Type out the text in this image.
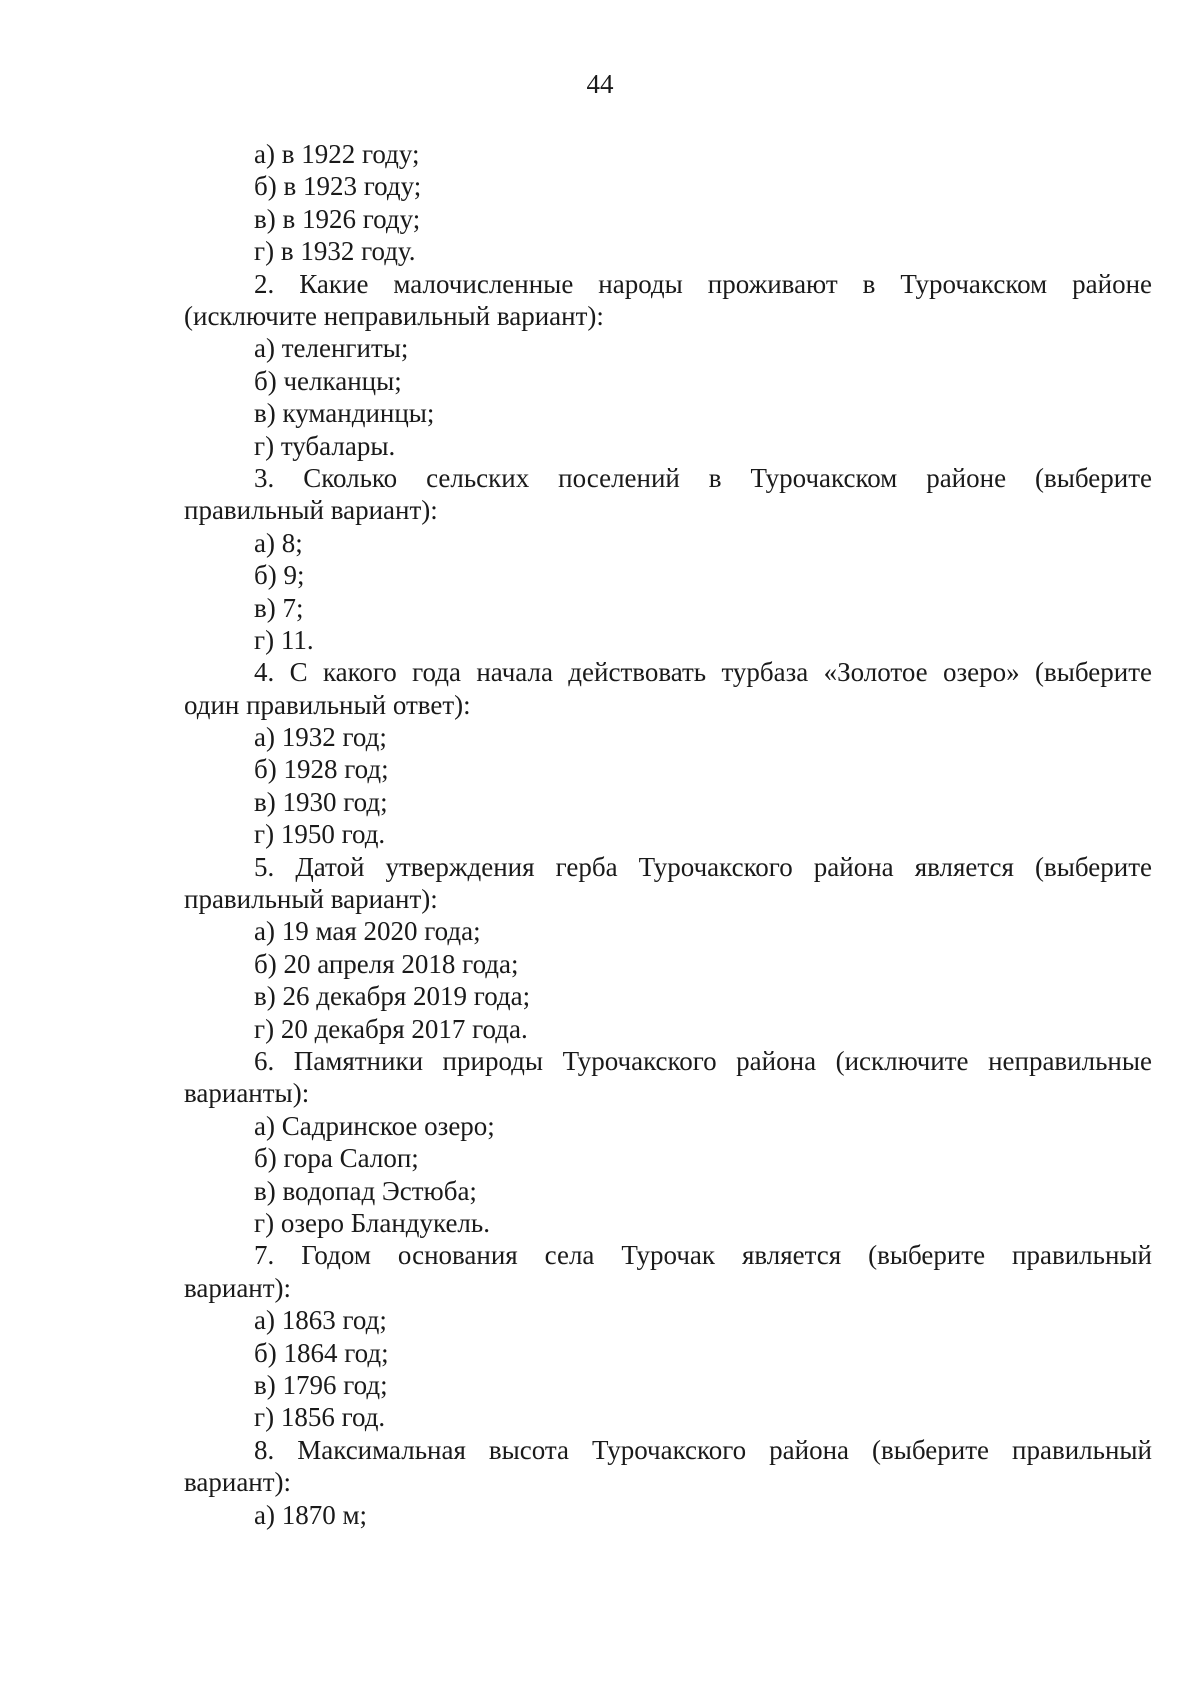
44
а) в 1922 году;
б) в 1923 году;
в) в 1926 году;
г) в 1932 году.
2. Какие малочисленные народы проживают в Турочакском районе
(исключите неправильный вариант):
а) теленгиты;
б) челканцы;
в) кумандинцы;
г) тубалары.
3. Сколько сельских поселений в Турочакском районе (выберите
правильный вариант):
а) 8;
б) 9;
в) 7;
г) 11.
4. С какого года начала действовать турбаза «Золотое озеро» (выберите
один правильный ответ):
а) 1932 год;
б) 1928 год;
в) 1930 год;
г) 1950 год.
5. Датой утверждения герба Турочакского района является (выберите
правильный вариант):
а) 19 мая 2020 года;
б) 20 апреля 2018 года;
в) 26 декабря 2019 года;
г) 20 декабря 2017 года.
6. Памятники природы Турочакского района (исключите неправильные
варианты):
а) Садринское озеро;
б) гора Салоп;
в) водопад Эстюба;
г) озеро Бландукель.
7. Годом основания села Турочак является (выберите правильный
вариант):
а) 1863 год;
б) 1864 год;
в) 1796 год;
г) 1856 год.
8. Максимальная высота Турочакского района (выберите правильный
вариант):
а) 1870 м;
